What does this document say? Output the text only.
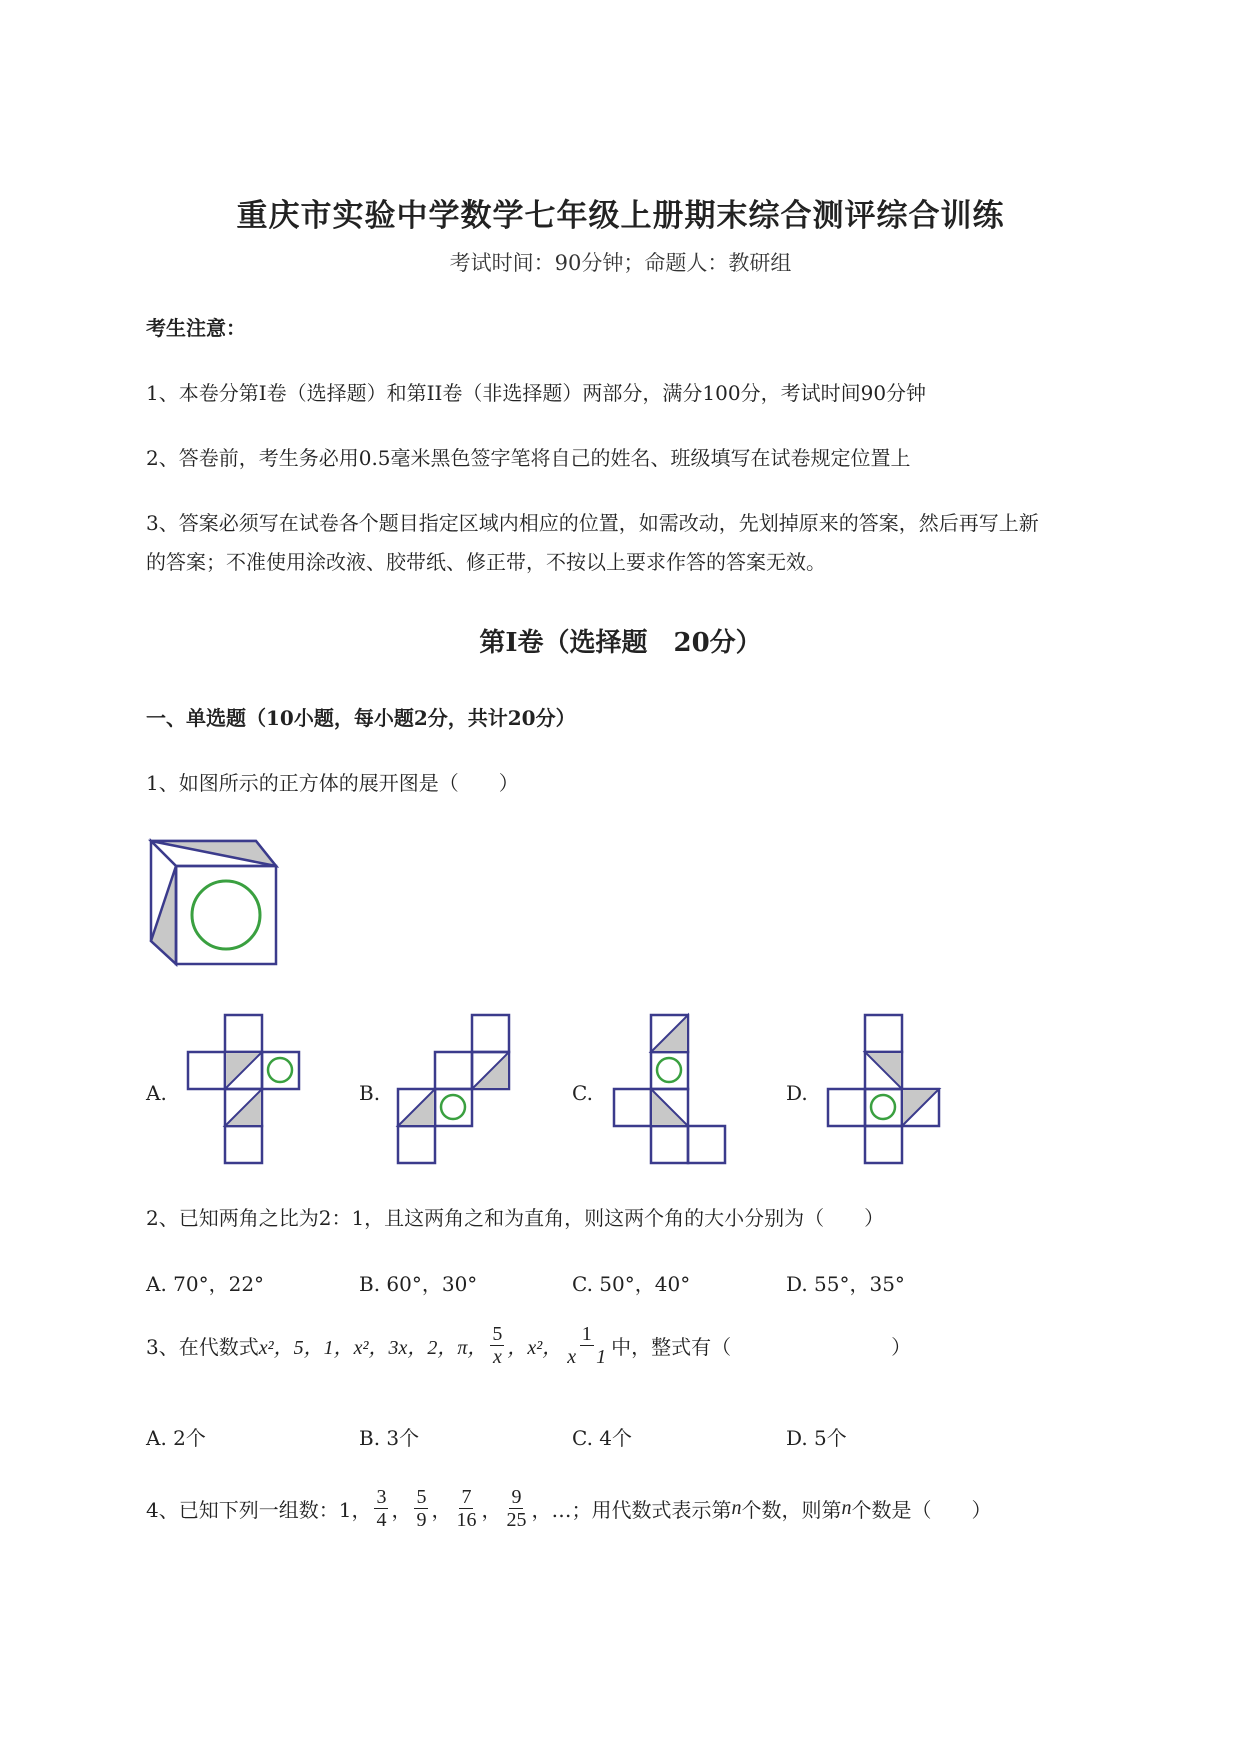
重庆市实验中学数学七年级上册期末综合测评综合训练
考试时间：90分钟；命题人：教研组
考生注意：
1、本卷分第I卷（选择题）和第II卷（非选择题）两部分，满分100分，考试时间90分钟
2、答卷前，考生务必用0.5毫米黑色签字笔将自己的姓名、班级填写在试卷规定位置上
3、答案必须写在试卷各个题目指定区域内相应的位置，如需改动，先划掉原来的答案，然后再写上新
的答案；不准使用涂改液、胶带纸、修正带，不按以上要求作答的答案无效。
第I卷（选择题　20分）
一、单选题（10小题，每小题2分，共计20分）
1、如图所示的正方体的展开图是（　　）
A.	B.	C.	D.
2、已知两角之比为2：1，且这两角之和为直角，则这两个角的大小分别为（　　）
A. 70°，22°	B. 60°，30°	C. 50°，40°	D. 55°，35°
3、在代数式 x²，5，1，x²，3x，2，π， $\frac{5}{x}$ ，x²， $\frac{1}{x 1}$ 中，整式有（　　　　　　　　）
A. 2个	B. 3个	C. 4个	D. 5个
4、已知下列一组数：1， $\frac{3}{4}$ ， $\frac{5}{9}$ ， $\frac{7}{16}$ ， $\frac{9}{25}$ ，…；用代数式表示第 n 个数，则第 n 个数是（　　）
